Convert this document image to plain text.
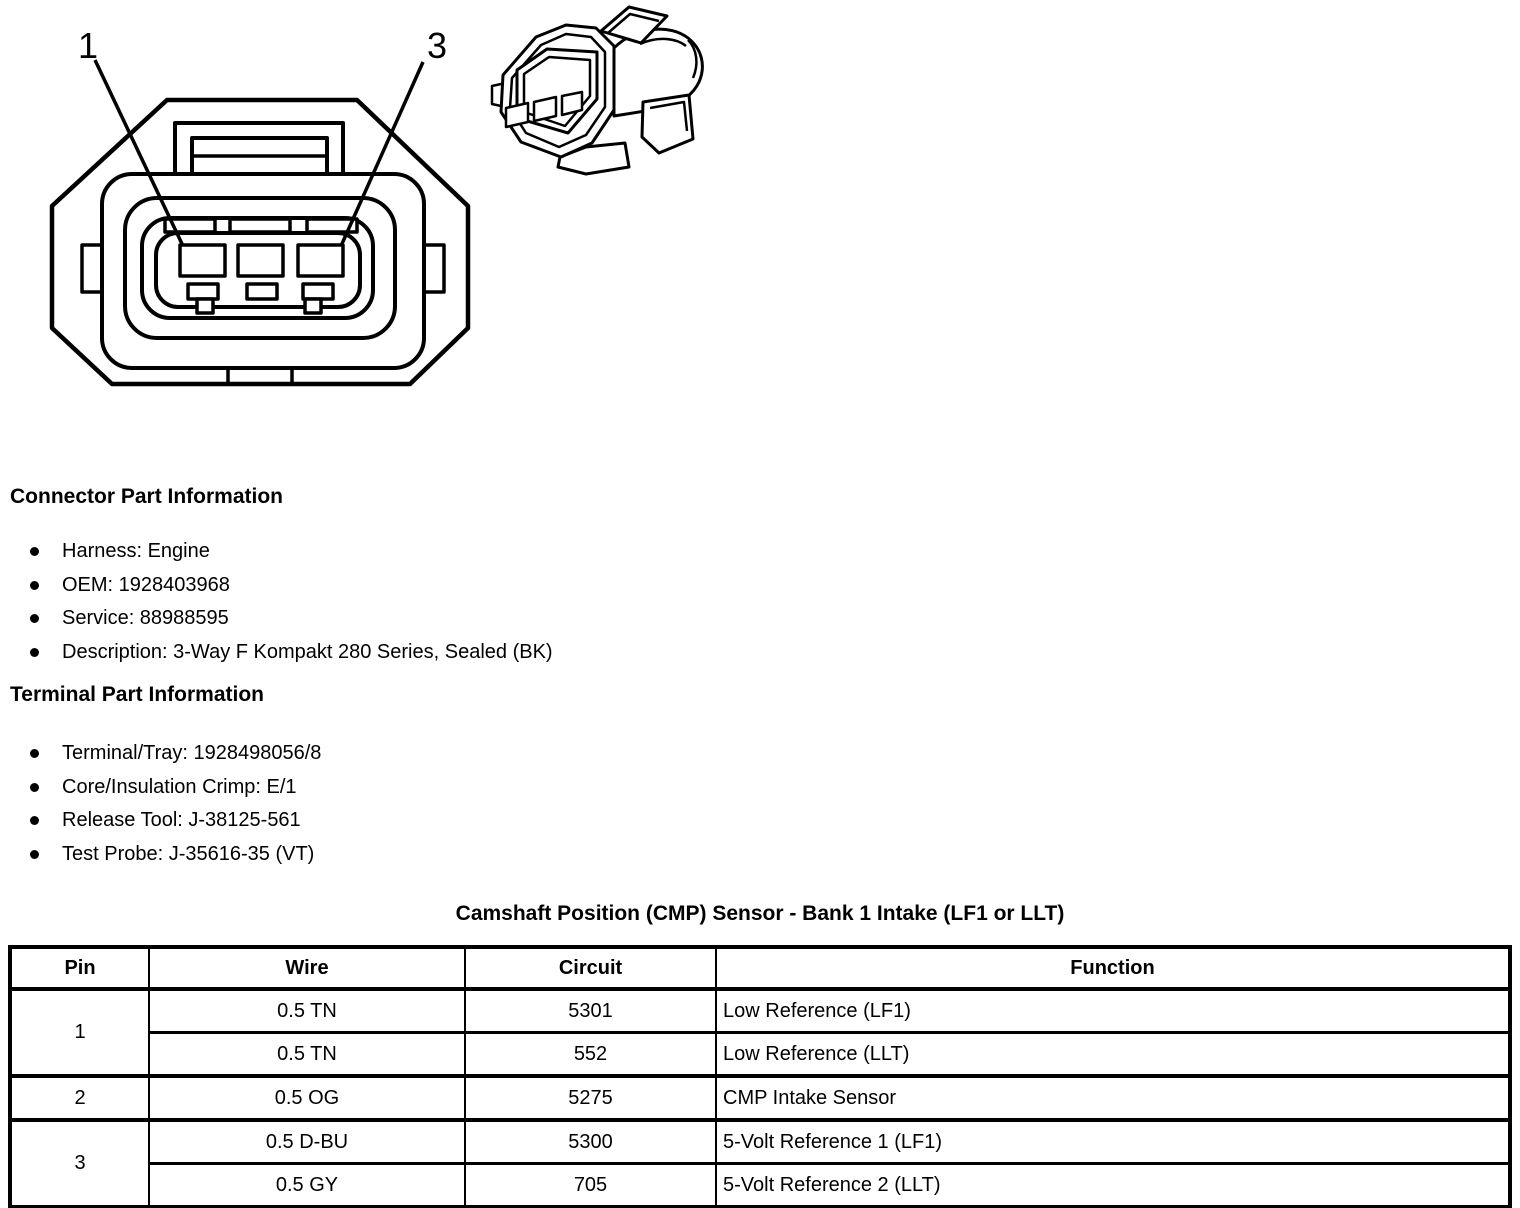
1	3
Connector Part Information
Harness: Engine
OEM: 1928403968
Service: 88988595
Description: 3-Way F Kompakt 280 Series, Sealed (BK)
Terminal Part Information
Terminal/Tray: 1928498056/8
Core/Insulation Crimp: E/1
Release Tool: J-38125-561
Test Probe: J-35616-35 (VT)
Camshaft Position (CMP) Sensor - Bank 1 Intake (LF1 or LLT)
Pin	Wire	Circuit	Function
1	0.5 TN	5301	Low Reference (LF1)
	0.5 TN	552	Low Reference (LLT)
2	0.5 OG	5275	CMP Intake Sensor
3	0.5 D-BU	5300	5-Volt Reference 1 (LF1)
	0.5 GY	705	5-Volt Reference 2 (LLT)
